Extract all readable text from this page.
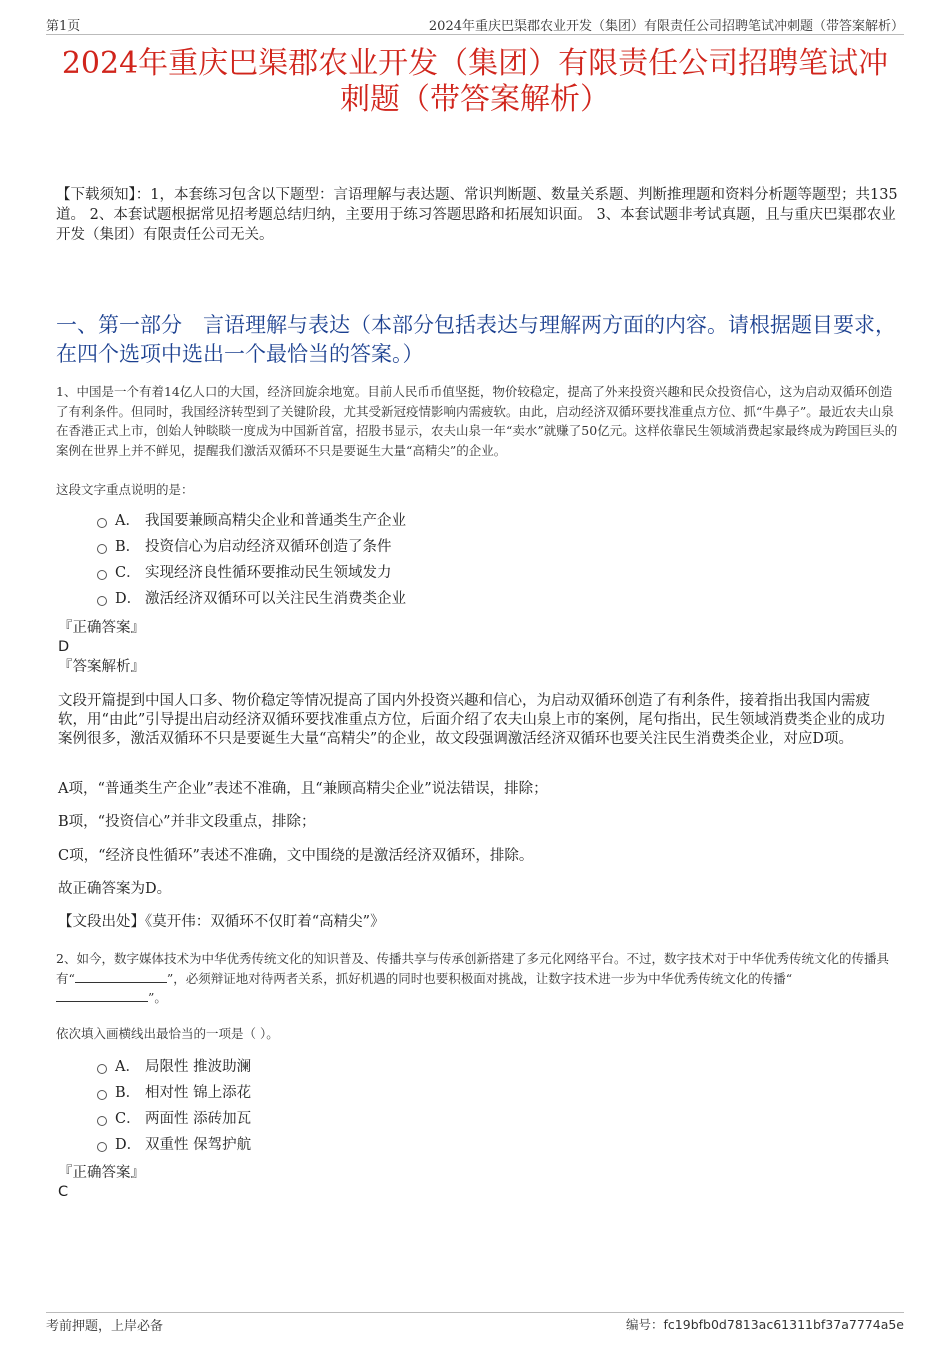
第1页	2024年重庆巴渠郡农业开发（集团）有限责任公司招聘笔试冲刺题（带答案解析）
2024年重庆巴渠郡农业开发（集团）有限责任公司招聘笔试冲
刺题（带答案解析）

【下载须知】：1，本套练习包含以下题型：言语理解与表达题、常识判断题、数量关系题、判断推理题和资料分析题等题型；共135道。 2、本套试题根据常见招考题总结归纳，主要用于练习答题思路和拓展知识面。 3、本套试题非考试真题，且与重庆巴渠郡农业开发（集团）有限责任公司无关。

一、第一部分　言语理解与表达（本部分包括表达与理解两方面的内容。请根据题目要求，在四个选项中选出一个最恰当的答案。）

1、中国是一个有着14亿人口的大国，经济回旋余地宽。目前人民币币值坚挺，物价较稳定，提高了外来投资兴趣和民众投资信心，这为启动双循环创造了有利条件。但同时，我国经济转型到了关键阶段，尤其受新冠疫情影响内需疲软。由此，启动经济双循环要找准重点方位、抓“牛鼻子”。最近农夫山泉在香港正式上市，创始人钟睒睒一度成为中国新首富，招股书显示，农夫山泉一年“卖水”就赚了50亿元。这样依靠民生领域消费起家最终成为跨国巨头的案例在世界上并不鲜见，提醒我们激活双循环不只是要诞生大量“高精尖”的企业。

这段文字重点说明的是：

A． 我国要兼顾高精尖企业和普通类生产企业
B． 投资信心为启动经济双循环创造了条件
C． 实现经济良性循环要推动民生领域发力
D． 激活经济双循环可以关注民生消费类企业

『正确答案』

D

『答案解析』

文段开篇提到中国人口多、物价稳定等情况提高了国内外投资兴趣和信心，为启动双循环创造了有利条件，接着指出我国内需疲软，用“由此”引导提出启动经济双循环要找准重点方位，后面介绍了农夫山泉上市的案例，尾句指出，民生领域消费类企业的成功案例很多，激活双循环不只是要诞生大量“高精尖”的企业，故文段强调激活经济双循环也要关注民生消费类企业，对应D项。

A项，“普通类生产企业”表述不准确，且“兼顾高精尖企业”说法错误，排除；

B项，“投资信心”并非文段重点，排除；

C项，“经济良性循环”表述不准确，文中围绕的是激活经济双循环，排除。

故正确答案为D。

【文段出处】《莫开伟：双循环不仅盯着“高精尖”》

2、如今，数字媒体技术为中华优秀传统文化的知识普及、传播共享与传承创新搭建了多元化网络平台。不过，数字技术对于中华优秀传统文化的传播具有“	”，必须辩证地对待两者关系，抓好机遇的同时也要积极面对挑战，让数字技术进一步为中华优秀传统文化的传播“
”。

依次填入画横线出最恰当的一项是（ ）。

A． 局限性 推波助澜
B． 相对性 锦上添花
C． 两面性 添砖加瓦
D． 双重性 保驾护航

『正确答案』

C

考前押题，上岸必备	编号：fc19bfb0d7813ac61311bf37a7774a5e
